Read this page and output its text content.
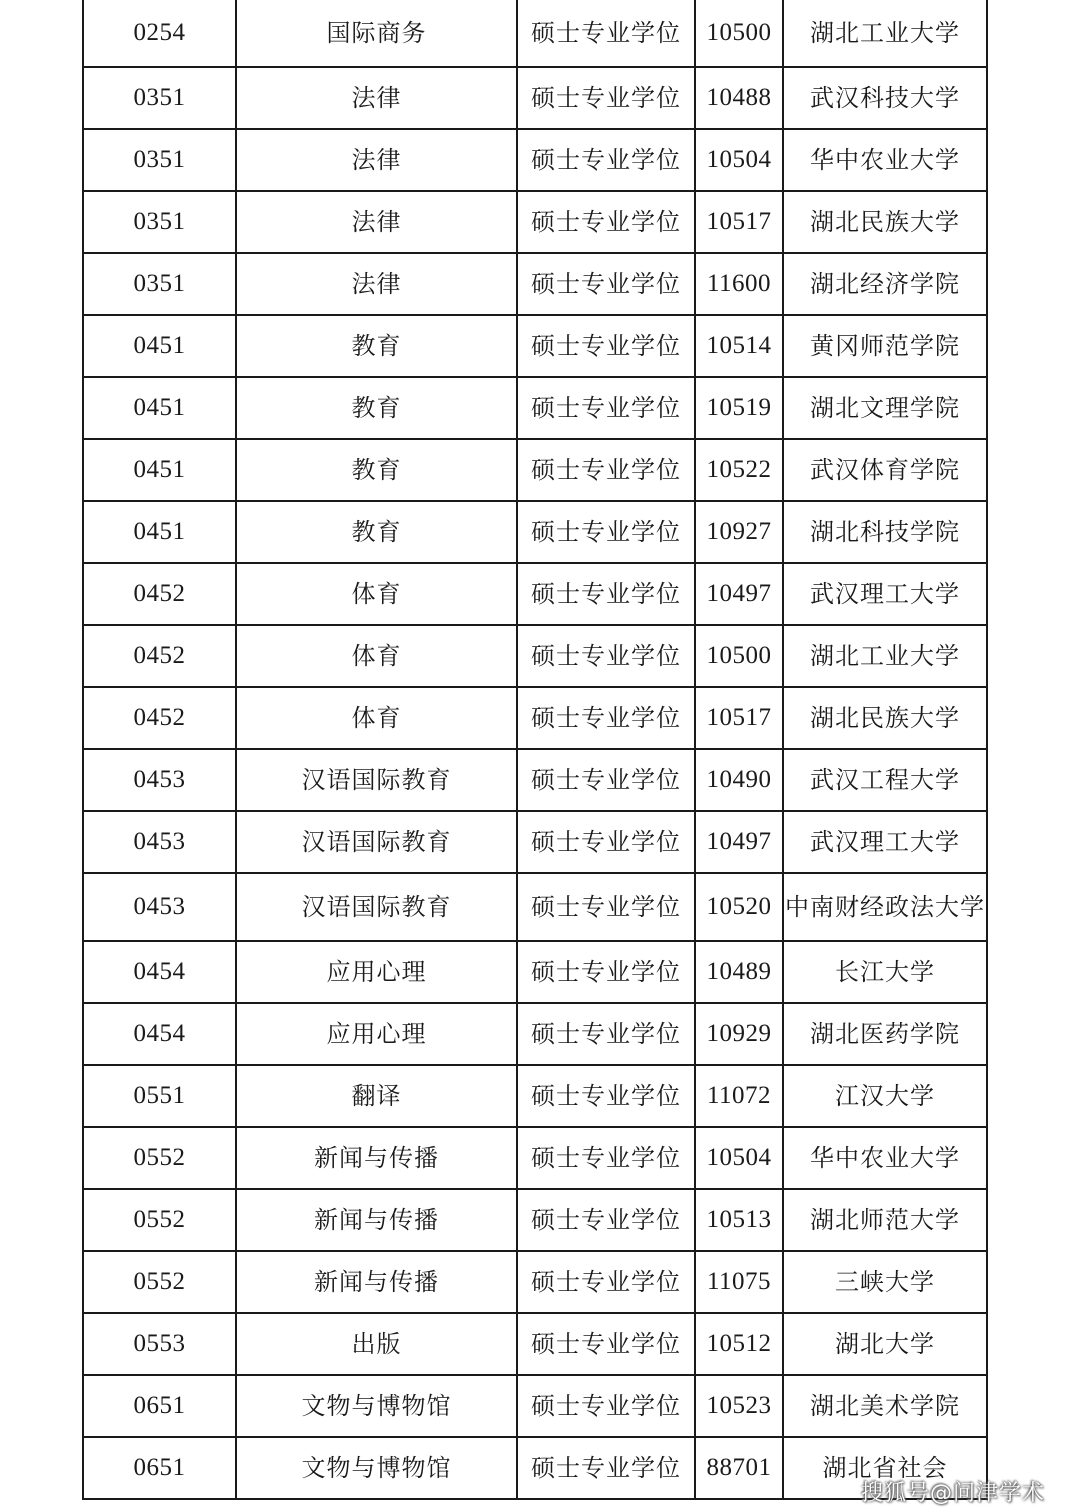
0254	国际商务	硕士专业学位	10500	湖北工业大学
0351	法律	硕士专业学位	10488	武汉科技大学
0351	法律	硕士专业学位	10504	华中农业大学
0351	法律	硕士专业学位	10517	湖北民族大学
0351	法律	硕士专业学位	11600	湖北经济学院
0451	教育	硕士专业学位	10514	黄冈师范学院
0451	教育	硕士专业学位	10519	湖北文理学院
0451	教育	硕士专业学位	10522	武汉体育学院
0451	教育	硕士专业学位	10927	湖北科技学院
0452	体育	硕士专业学位	10497	武汉理工大学
0452	体育	硕士专业学位	10500	湖北工业大学
0452	体育	硕士专业学位	10517	湖北民族大学
0453	汉语国际教育	硕士专业学位	10490	武汉工程大学
0453	汉语国际教育	硕士专业学位	10497	武汉理工大学
0453	汉语国际教育	硕士专业学位	10520	中南财经政法大学
0454	应用心理	硕士专业学位	10489	长江大学
0454	应用心理	硕士专业学位	10929	湖北医药学院
0551	翻译	硕士专业学位	11072	江汉大学
0552	新闻与传播	硕士专业学位	10504	华中农业大学
0552	新闻与传播	硕士专业学位	10513	湖北师范大学
0552	新闻与传播	硕士专业学位	11075	三峡大学
0553	出版	硕士专业学位	10512	湖北大学
0651	文物与博物馆	硕士专业学位	10523	湖北美术学院
0651	文物与博物馆	硕士专业学位	88701	湖北省社会
搜狐号@问津学术
